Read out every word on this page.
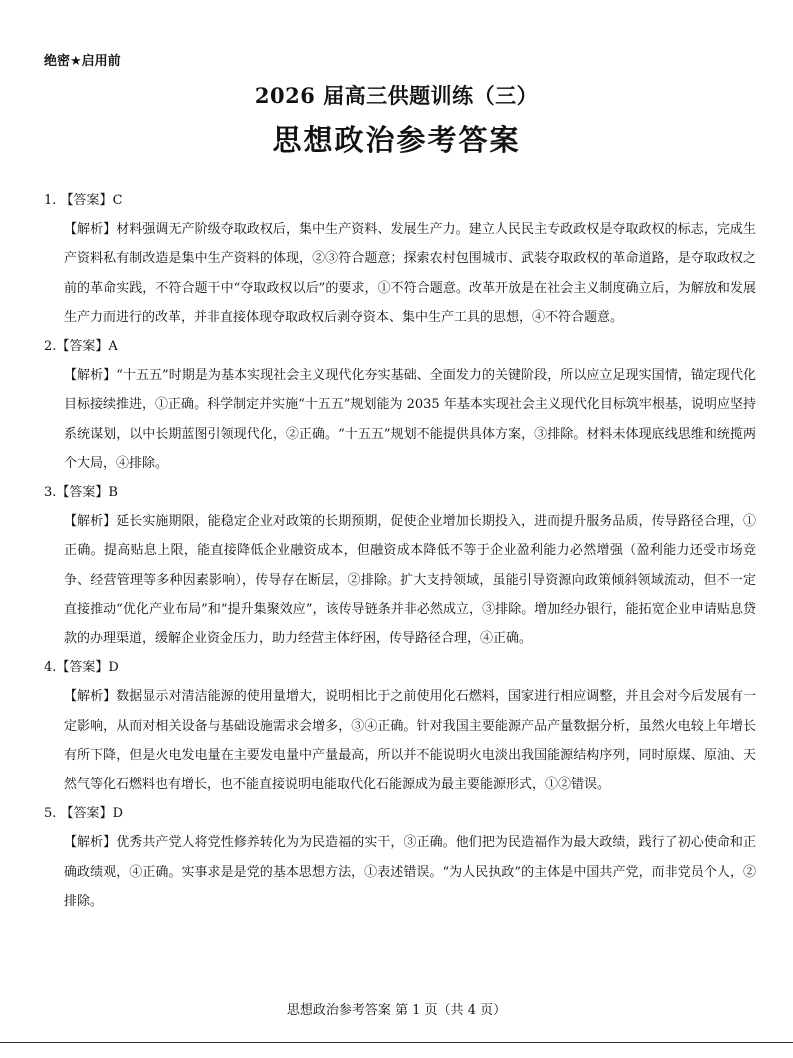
绝密★启用前
2026 届高三供题训练（三）
思想政治参考答案

1. 【答案】C

【解析】材料强调无产阶级夺取政权后，集中生产资料、发展生产力。建立人民民主专政政权是夺取政权的标志，完成生产资料私有制改造是集中生产资料的体现，②③符合题意；探索农村包围城市、武装夺取政权的革命道路，是夺取政权之前的革命实践，不符合题干中“夺取政权以后”的要求，①不符合题意。改革开放是在社会主义制度确立后，为解放和发展生产力而进行的改革，并非直接体现夺取政权后剥夺资本、集中生产工具的思想，④不符合题意。

2.【答案】A

【解析】“十五五”时期是为基本实现社会主义现代化夯实基础、全面发力的关键阶段，所以应立足现实国情，锚定现代化目标接续推进，①正确。科学制定并实施“十五五”规划能为 2035 年基本实现社会主义现代化目标筑牢根基，说明应坚持系统谋划，以中长期蓝图引领现代化，②正确。“十五五”规划不能提供具体方案，③排除。材料未体现底线思维和统揽两个大局，④排除。

3.【答案】B

【解析】延长实施期限，能稳定企业对政策的长期预期，促使企业增加长期投入，进而提升服务品质，传导路径合理，①正确。提高贴息上限，能直接降低企业融资成本，但融资成本降低不等于企业盈利能力必然增强（盈利能力还受市场竞争、经营管理等多种因素影响），传导存在断层，②排除。扩大支持领域，虽能引导资源向政策倾斜领域流动，但不一定直接推动“优化产业布局”和“提升集聚效应”，该传导链条并非必然成立，③排除。增加经办银行，能拓宽企业申请贴息贷款的办理渠道，缓解企业资金压力，助力经营主体纾困，传导路径合理，④正确。

4.【答案】D

【解析】数据显示对清洁能源的使用量增大，说明相比于之前使用化石燃料，国家进行相应调整，并且会对今后发展有一定影响，从而对相关设备与基础设施需求会增多，③④正确。针对我国主要能源产品产量数据分析，虽然火电较上年增长有所下降，但是火电发电量在主要发电量中产量最高，所以并不能说明火电淡出我国能源结构序列，同时原煤、原油、天然气等化石燃料也有增长，也不能直接说明电能取代化石能源成为最主要能源形式，①②错误。

5. 【答案】D

【解析】优秀共产党人将党性修养转化为为民造福的实干，③正确。他们把为民造福作为最大政绩，践行了初心使命和正确政绩观，④正确。实事求是是党的基本思想方法，①表述错误。“为人民执政”的主体是中国共产党，而非党员个人，②排除。

思想政治参考答案 第 1 页（共 4 页）
